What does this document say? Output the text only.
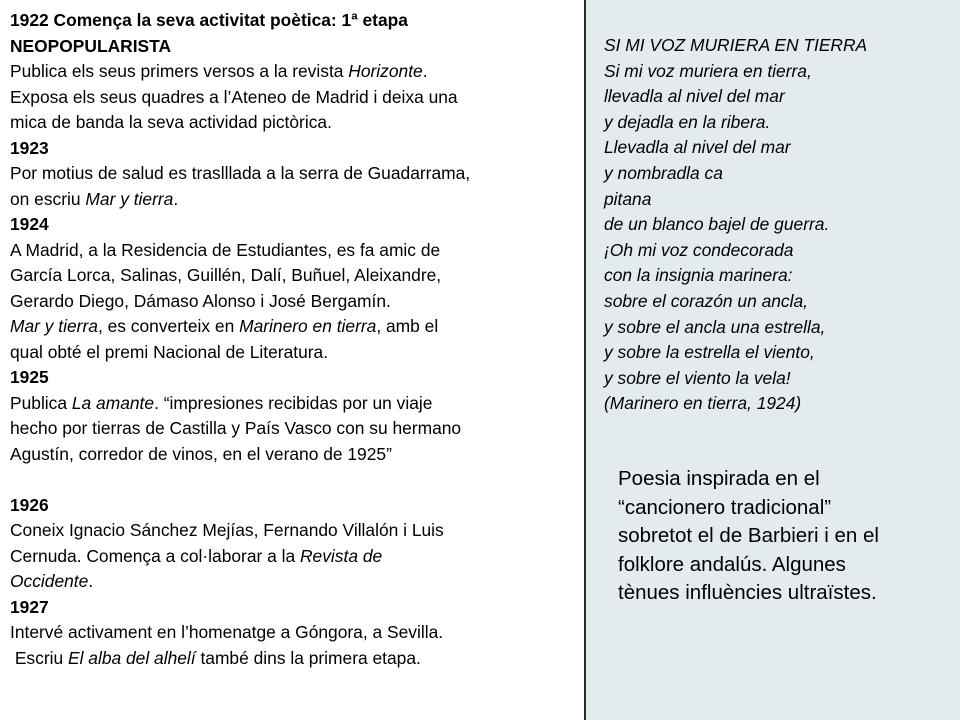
1922 Comença la seva activitat poètica: 1ª etapa

NEOPOPULARISTA

Publica els seus primers versos a la revista Horizonte.

Exposa els seus quadres a l’Ateneo de Madrid i deixa una

mica de banda la seva actividad pictòrica.

1923

Por motius de salud es traslllada a la serra de Guadarrama,

on escriu Mar y tierra.

1924

A Madrid, a la Residencia de Estudiantes, es fa amic de

García Lorca, Salinas, Guillén, Dalí, Buñuel, Aleixandre,

Gerardo Diego, Dámaso Alonso i José Bergamín.

Mar y tierra, es converteix en Marinero en tierra, amb el

qual obté el premi Nacional de Literatura.

1925

Publica La amante. “impresiones recibidas por un viaje

hecho por tierras de Castilla y País Vasco con su hermano

Agustín, corredor de vinos, en el verano de 1925”

1926

Coneix Ignacio Sánchez Mejías, Fernando Villalón i Luis

Cernuda. Comença a col·laborar a la Revista de

Occidente.

1927

Intervé activament en l’homenatge a Góngora, a Sevilla.

Escriu El alba del alhelí també dins la primera etapa.

SI MI VOZ MURIERA EN TIERRA

Si mi voz muriera en tierra,

llevadla al nivel del mar

y dejadla en la ribera.

Llevadla al nivel del mar

y nombradla ca

pitana

de un blanco bajel de guerra.

¡Oh mi voz condecorada

con la insignia marinera:

sobre el corazón un ancla,

y sobre el ancla una estrella,

y sobre la estrella el viento,

y sobre el viento la vela!

(Marinero en tierra, 1924)

Poesia inspirada en el

“cancionero tradicional”

sobretot el de Barbieri i en el

folklore andalús. Algunes

tènues influències ultraïstes.
